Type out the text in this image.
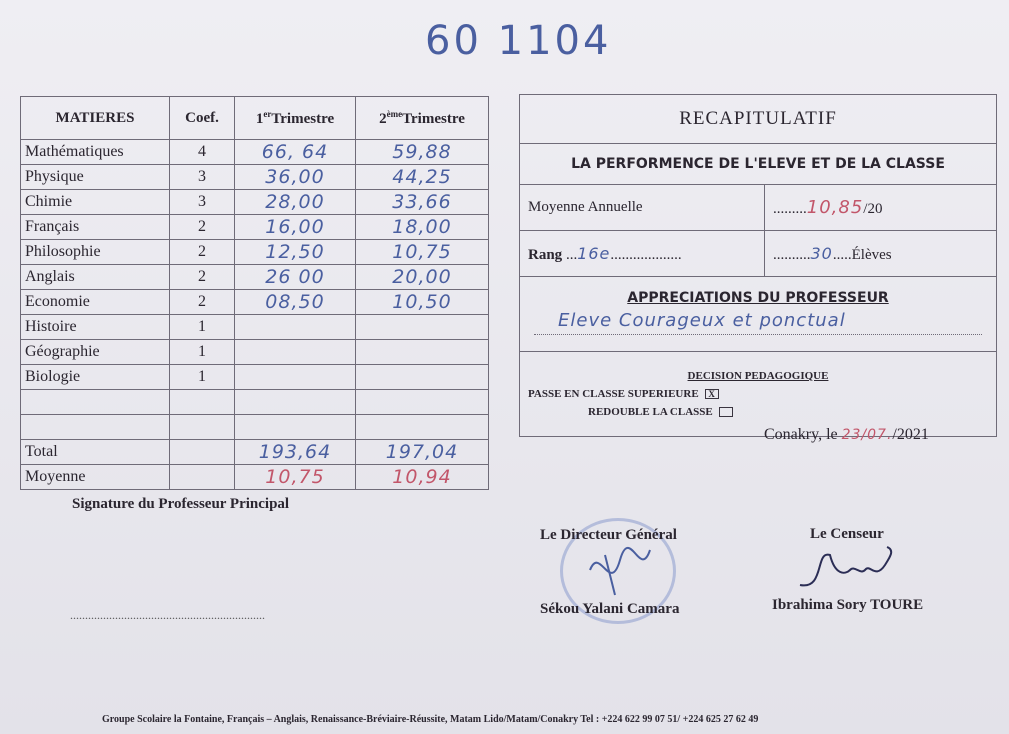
60 1104
MATIERES	Coef.	1erTrimestre	2èmeTrimestre
Mathématiques	4	66, 64	59,88
Physique	3	36,00	44,25
Chimie	3	28,00	33,66
Français	2	16,00	18,00
Philosophie	2	12,50	10,75
Anglais	2	26 00	20,00
Economie	2	08,50	10,50
Histoire	1		
Géographie	1		
Biologie	1		

Total		193,64	197,04
Moyenne		10,75	10,94
RECAPITULATIF	
LA PERFORMENCE DE L'ELEVE ET DE LA CLASSE	
Moyenne Annuelle	.........10,85/20
Rang ...16e...................	..........30.....Élèves

APPRECIATIONS DU PROFESSEUR
Eleve Courageux et ponctual	

DECISION PEDAGOGIQUE
PASSE EN CLASSE SUPERIEURE X
REDOUBLE LA CLASSE	
Conakry, le 23/07./2021
Signature du Professeur Principal
.................................................................
Le Directeur Général
Sékou Yalani Camara
Le Censeur
Ibrahima Sory TOURE
Groupe Scolaire la Fontaine, Français – Anglais, Renaissance-Bréviaire-Réussite, Matam Lido/Matam/Conakry Tel : +224 622 99 07 51/ +224 625 27 62 49
